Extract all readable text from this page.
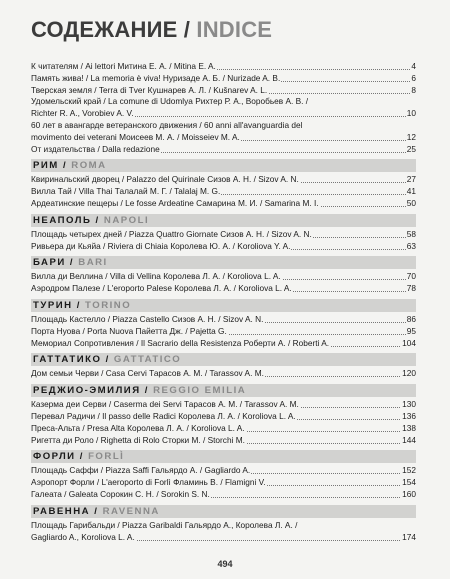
СОДЕЖАНИЕ / INDICE
К читателям / Ai lettori Митина Е. А. / Mitina E. A.	4
Память жива! / La memoria è viva! Нуризаде А. Б. / Nurizade A. B.	6
Тверская земля / Terra di Tver Кушнарев А. Л. / Kušnarev A. L.	8
Удомельский край / La comune di Udomlya Рихтер Р. А., Воробьев А. В. /
Richter R. A., Vorobiev A. V.	10
60 лет в авангарде ветеранского движения / 60 anni all'avanguardia del
movimento dei veterani Моисеев М. А. / Moisseiev M. A.	12
От издательства / Dalla redazione	25
РИМ / ROMA
Квиринальский дворец / Palazzo del Quirinale Сизов А. Н. / Sizov A. N.	27
Вилла Тай / Villa Thai Талалай М. Г. / Talalaj M. G.	41
Ардеатинские пещеры / Le fosse Ardeatine Самарина М. И. / Samarina M. I.	50
НЕАПОЛЬ / NAPOLI
Площадь четырех дней / Piazza Quattro Giornate Сизов А. Н. / Sizov A. N.	58
Ривьера ди Кьяйа / Riviera di Chiaia Королева Ю. А. / Koroliova Y. A.	63
БАРИ / BARI
Вилла ди Веллина / Villa di Vellina Королева Л. А. / Koroliova L. A.	70
Аэродром Палезе / L'eroporto Palese Королева Л. А. / Koroliova L. A.	78
ТУРИН / TORINO
Площадь Кастелло / Piazza Castello Сизов А. Н. / Sizov A. N.	86
Порта Нуова / Porta Nuova Пайетта Дж. / Pajetta G.	95
Мемориал Сопротивления / Il Sacrario della Resistenza Роберти А. / Roberti A.	104
ГАТТАТИКО / GATTATICO
Дом семьи Черви / Casa Cervi Тарасов А. М. / Tarassov A. M.	120
РЕДЖИО-ЭМИЛИЯ / REGGIO EMILIA
Казерма деи Серви / Caserma dei Servi Тарасов А. М. / Tarassov A. M.	130
Перевал Радичи / Il passo delle Radici Королева Л. А. / Koroliova L. A.	136
Преса-Альта / Presa Alta Королева Л. А. / Koroliova L. A.	138
Ригетта ди Роло / Righetta di Rolo Сторки М. / Storchi M.	144
ФОРЛИ / FORLÌ
Площадь Саффи / Piazza Saffi Гальярдо А. / Gagliardo A.	152
Аэропорт Форли / L'aeroporto di Forlì Фламинь В. / Flamigni V.	154
Галеата / Galeata Сорокин С. Н. / Sorokin S. N.	160
РАВЕННА / RAVENNA
Площадь Гарибальди / Piazza Garibaldi Гальярдо А., Королева Л. А. /
Gagliardo A., Koroliova L. A.	174
494
